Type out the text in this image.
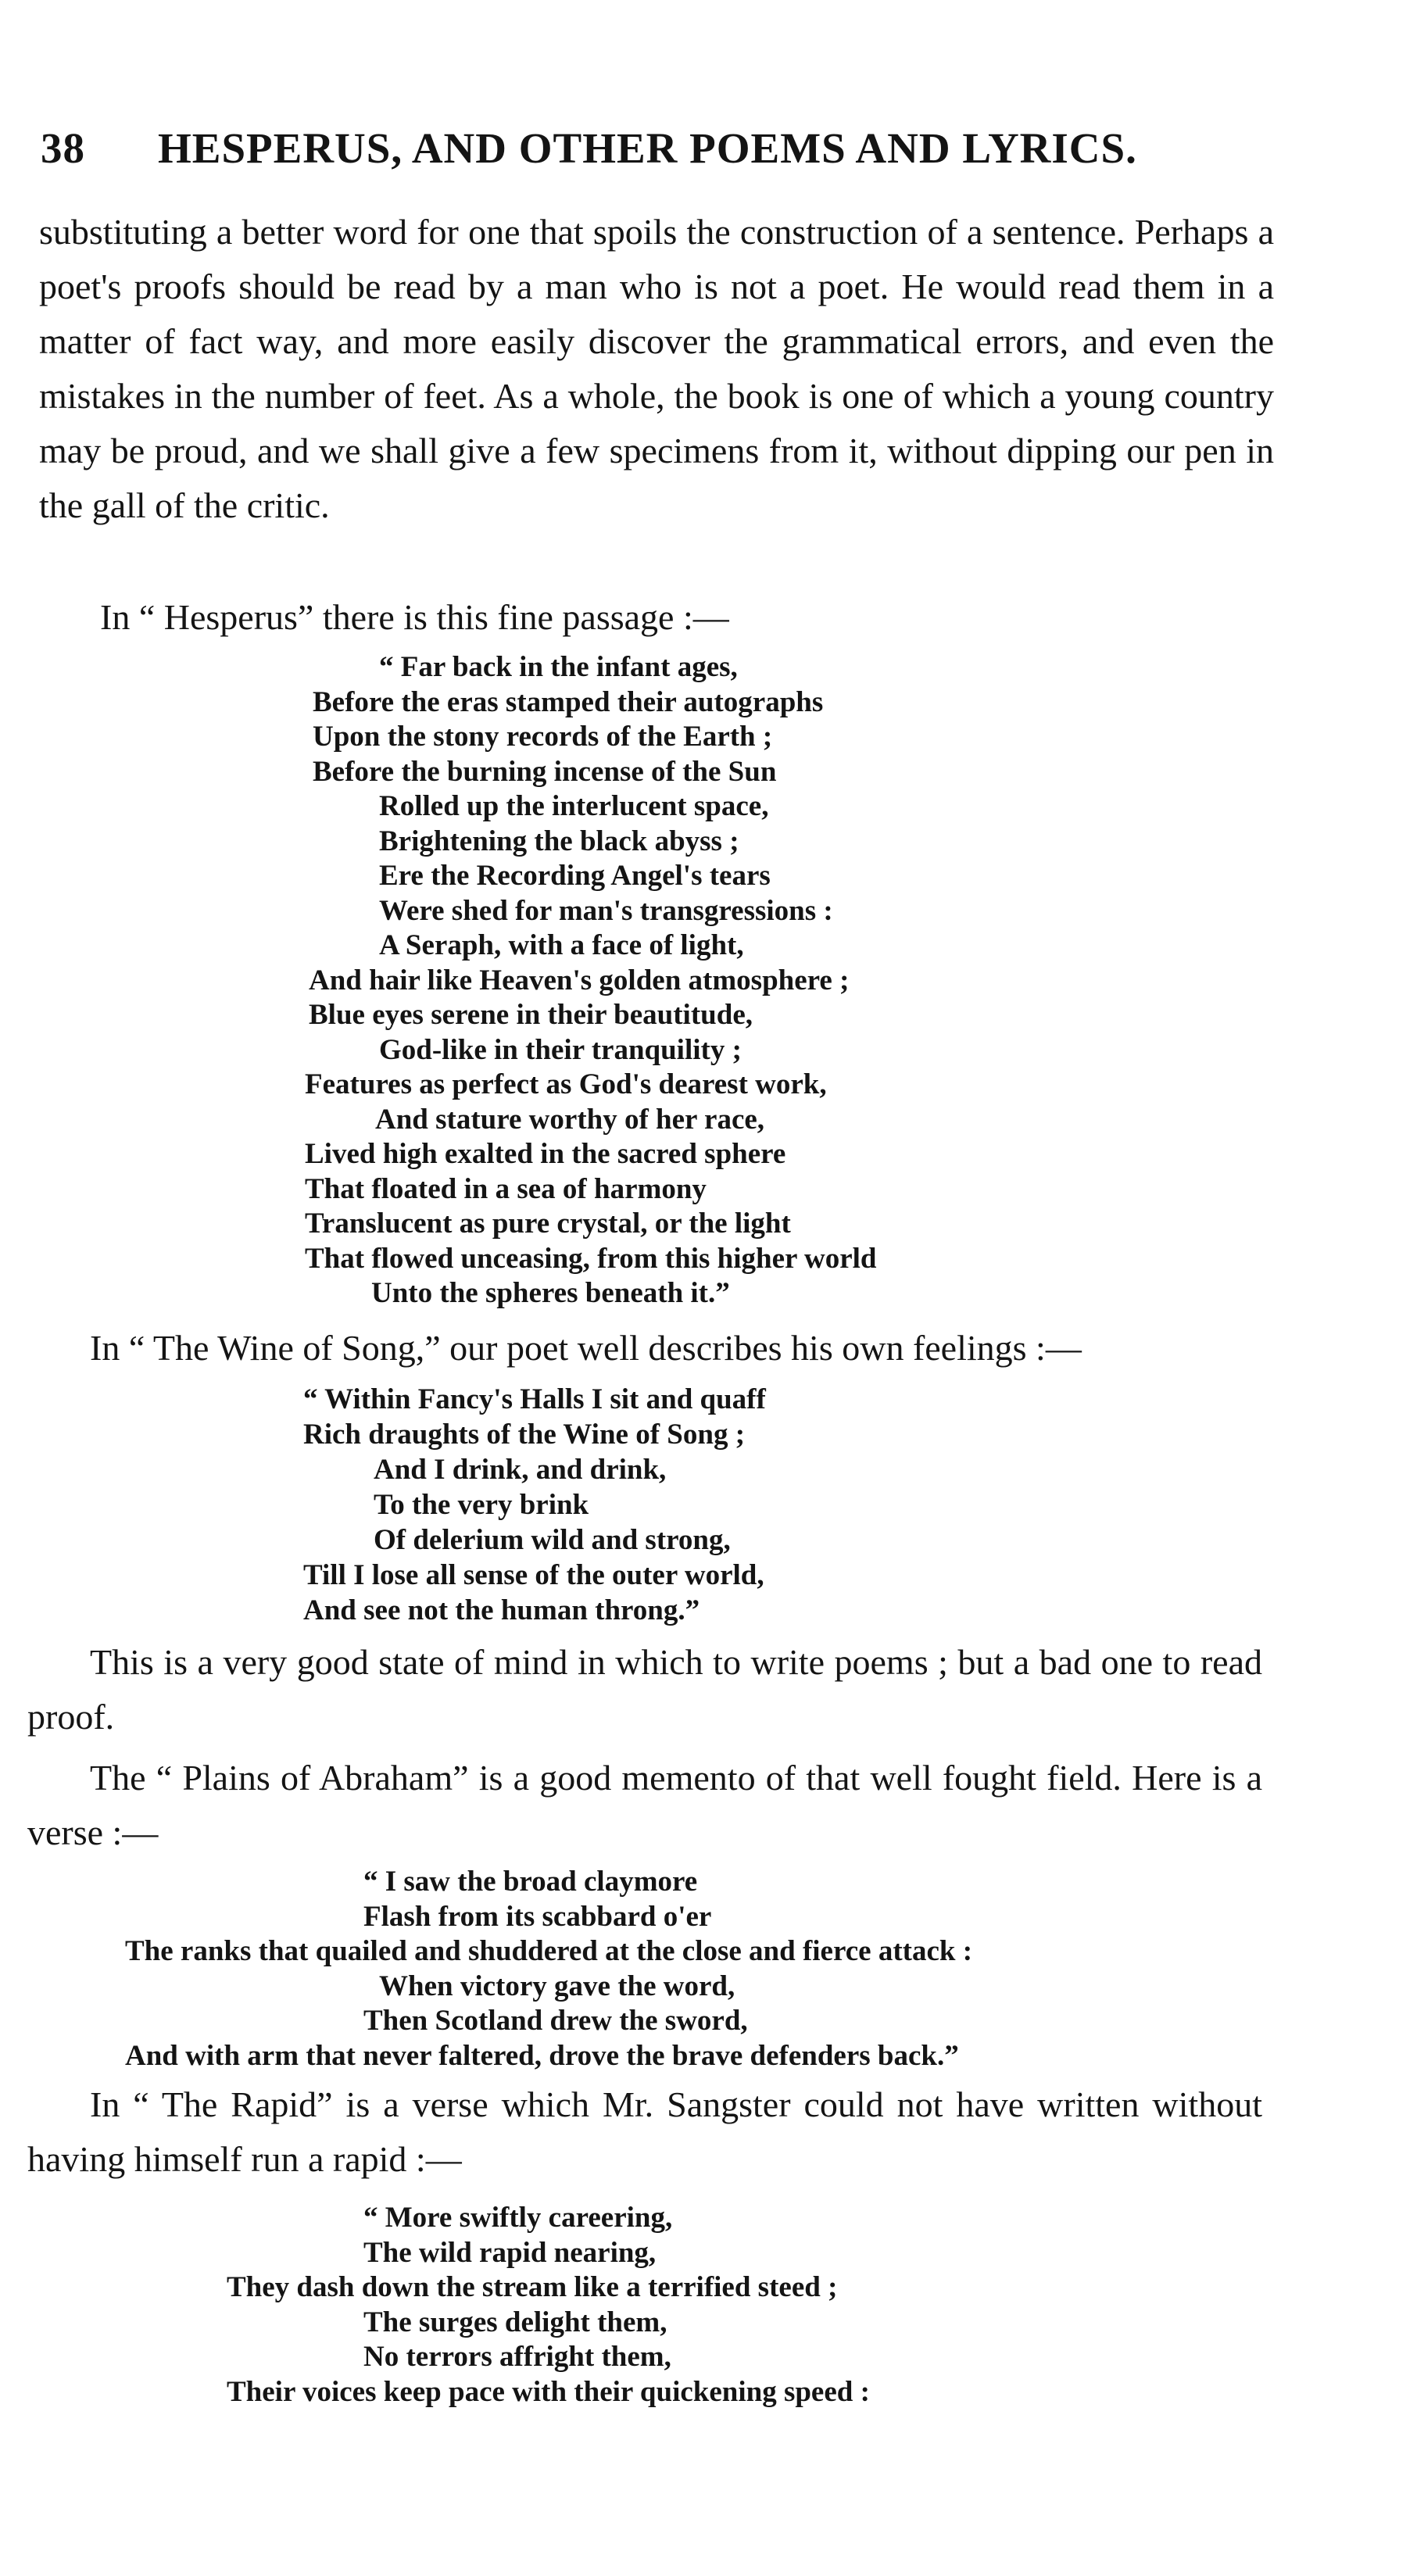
38 HESPERUS, AND OTHER POEMS AND LYRICS.

substituting a better word for one that spoils the construction of a sentence. Perhaps a poet's proofs should be read by a man who is not a poet. He would read them in a matter of fact way, and more easily discover the grammatical errors, and even the mistakes in the number of feet. As a whole, the book is one of which a young country may be proud, and we shall give a few specimens from it, without dipping our pen in the gall of the critic.

In “ Hesperus” there is this fine passage :—
“ Far back in the infant ages,
Before the eras stamped their autographs
Upon the stony records of the Earth ;
Before the burning incense of the Sun
Rolled up the interlucent space,
Brightening the black abyss ;
Ere the Recording Angel's tears
Were shed for man's transgressions :
A Seraph, with a face of light,
And hair like Heaven's golden atmosphere ;
Blue eyes serene in their beautitude,
God-like in their tranquility ;
Features as perfect as God's dearest work,
And stature worthy of her race,
Lived high exalted in the sacred sphere
That floated in a sea of harmony
Translucent as pure crystal, or the light
That flowed unceasing, from this higher world
Unto the spheres beneath it.”
In “ The Wine of Song,” our poet well describes his own feelings :—
“ Within Fancy's Halls I sit and quaff
Rich draughts of the Wine of Song ;
And I drink, and drink,
To the very brink
Of delerium wild and strong,
Till I lose all sense of the outer world,
And see not the human throng.”

This is a very good state of mind in which to write poems ; but a bad one to read proof.

The “ Plains of Abraham” is a good memento of that well fought field. Here is a verse :—

“ I saw the broad claymore
Flash from its scabbard o'er
The ranks that quailed and shuddered at the close and fierce attack :
When victory gave the word,
Then Scotland drew the sword,
And with arm that never faltered, drove the brave defenders back.”

In “ The Rapid” is a verse which Mr. Sangster could not have written without having himself run a rapid :—

“ More swiftly careering,
The wild rapid nearing,
They dash down the stream like a terrified steed ;
The surges delight them,
No terrors affright them,
Their voices keep pace with their quickening speed :
